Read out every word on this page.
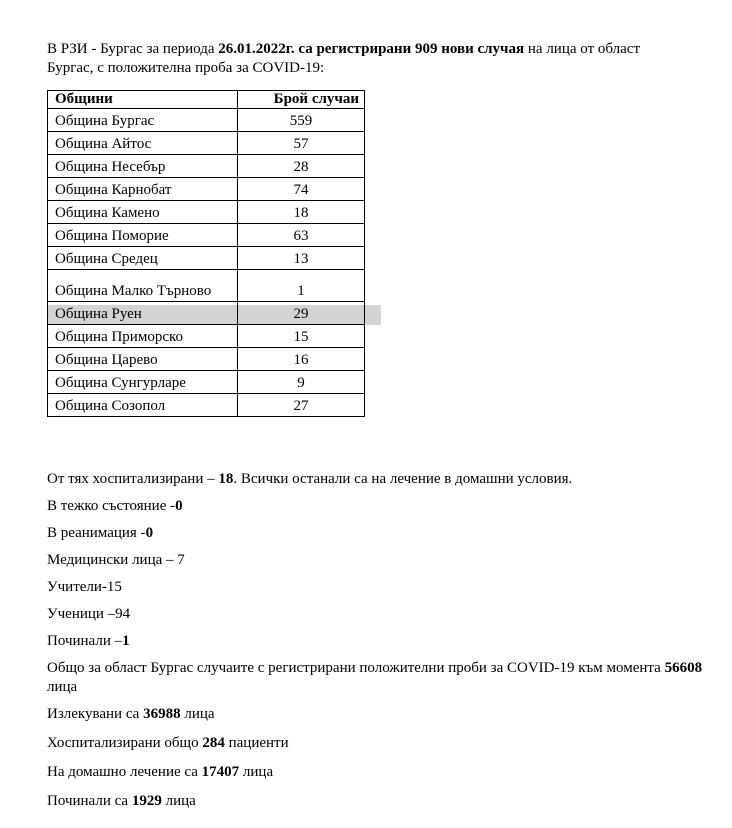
В РЗИ - Бургас за периода 26.01.2022г. са регистрирани 909 нови случая на лица от област Бургас, с положителна проба за COVID-19:
Общини	Брой случаи
Община Бургас	559
Община Айтос	57
Община Несебър	28
Община Карнобат	74
Община Камено	18
Община Поморие	63
Община Средец	13
Община Малко Търново	1
Община Руен	29
Община Приморско	15
Община Царево	16
Община Сунгурларе	9
Община Созопол	27

От тях хоспитализирани – 18. Всички останали са на лечение в домашни условия.

В тежко състояние -0

В реанимация -0

Медицински лица – 7

Учители-15

Ученици –94

Починали –1

Общо за област Бургас случаите с регистрирани положителни проби за COVID-19 към момента 56608 лица

Излекувани са 36988 лица

Хоспитализирани общо 284 пациенти

На домашно лечение са 17407 лица

Починали са 1929 лица
